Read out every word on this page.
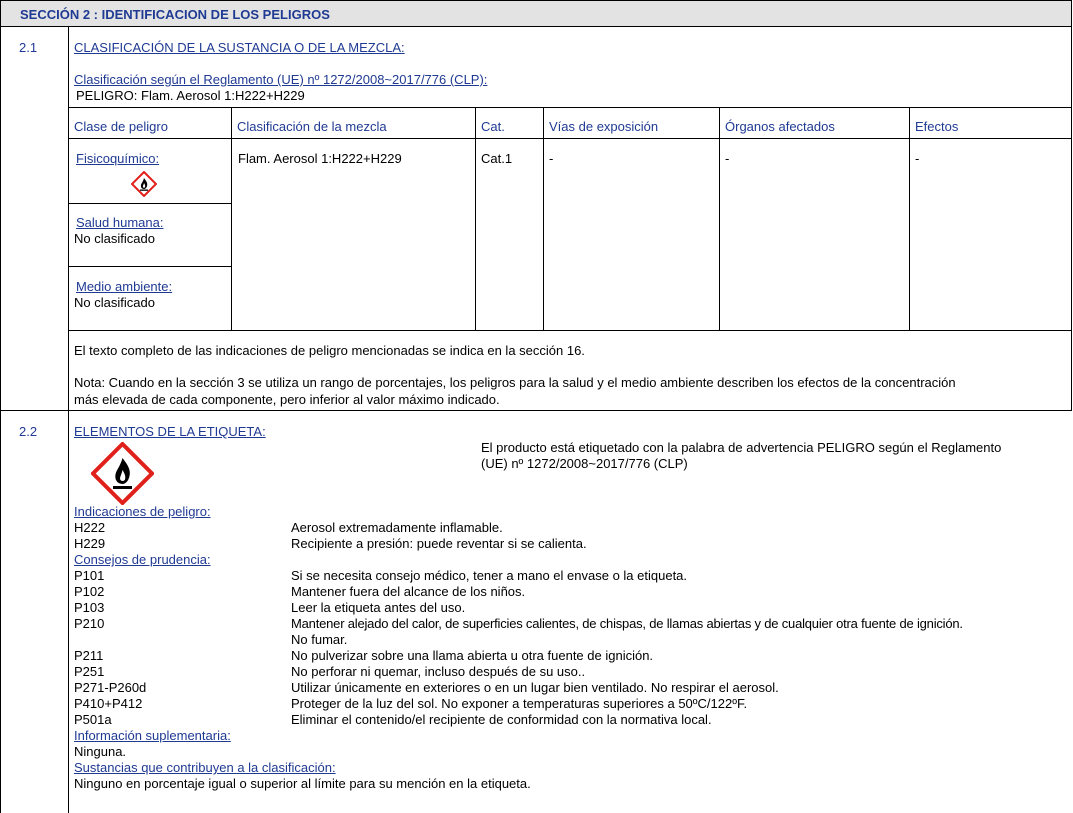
SECCIÓN 2 : IDENTIFICACION DE LOS PELIGROS
2.1	CLASIFICACIÓN DE LA SUSTANCIA O DE LA MEZCLA:
Clasificación según el Reglamento (UE) nº 1272/2008~2017/776 (CLP):
PELIGRO: Flam. Aerosol 1:H222+H229
Clase de peligro	Clasificación de la mezcla	Cat.	Vías de exposición	Órganos afectados	Efectos
Fisicoquímico:	Flam. Aerosol 1:H222+H229	Cat.1	-	-	-
Salud humana:
No clasificado
Medio ambiente:
No clasificado
El texto completo de las indicaciones de peligro mencionadas se indica en la sección 16.
Nota: Cuando en la sección 3 se utiliza un rango de porcentajes, los peligros para la salud y el medio ambiente describen los efectos de la concentración
más elevada de cada componente, pero inferior al valor máximo indicado.
2.2	ELEMENTOS DE LA ETIQUETA:
El producto está etiquetado con la palabra de advertencia PELIGRO según el Reglamento
(UE) nº 1272/2008~2017/776 (CLP)
Indicaciones de peligro:
H222	Aerosol extremadamente inflamable.
H229	Recipiente a presión: puede reventar si se calienta.
Consejos de prudencia:
P101	Si se necesita consejo médico, tener a mano el envase o la etiqueta.
P102	Mantener fuera del alcance de los niños.
P103	Leer la etiqueta antes del uso.
P210	Mantener alejado del calor, de superficies calientes, de chispas, de llamas abiertas y de cualquier otra fuente de ignición.
No fumar.
P211	No pulverizar sobre una llama abierta u otra fuente de ignición.
P251	No perforar ni quemar, incluso después de su uso..
P271-P260d	Utilizar únicamente en exteriores o en un lugar bien ventilado. No respirar el aerosol.
P410+P412	Proteger de la luz del sol. No exponer a temperaturas superiores a 50ºC/122ºF.
P501a	Eliminar el contenido/el recipiente de conformidad con la normativa local.
Información suplementaria:
Ninguna.
Sustancias que contribuyen a la clasificación:
Ninguno en porcentaje igual o superior al límite para su mención en la etiqueta.
